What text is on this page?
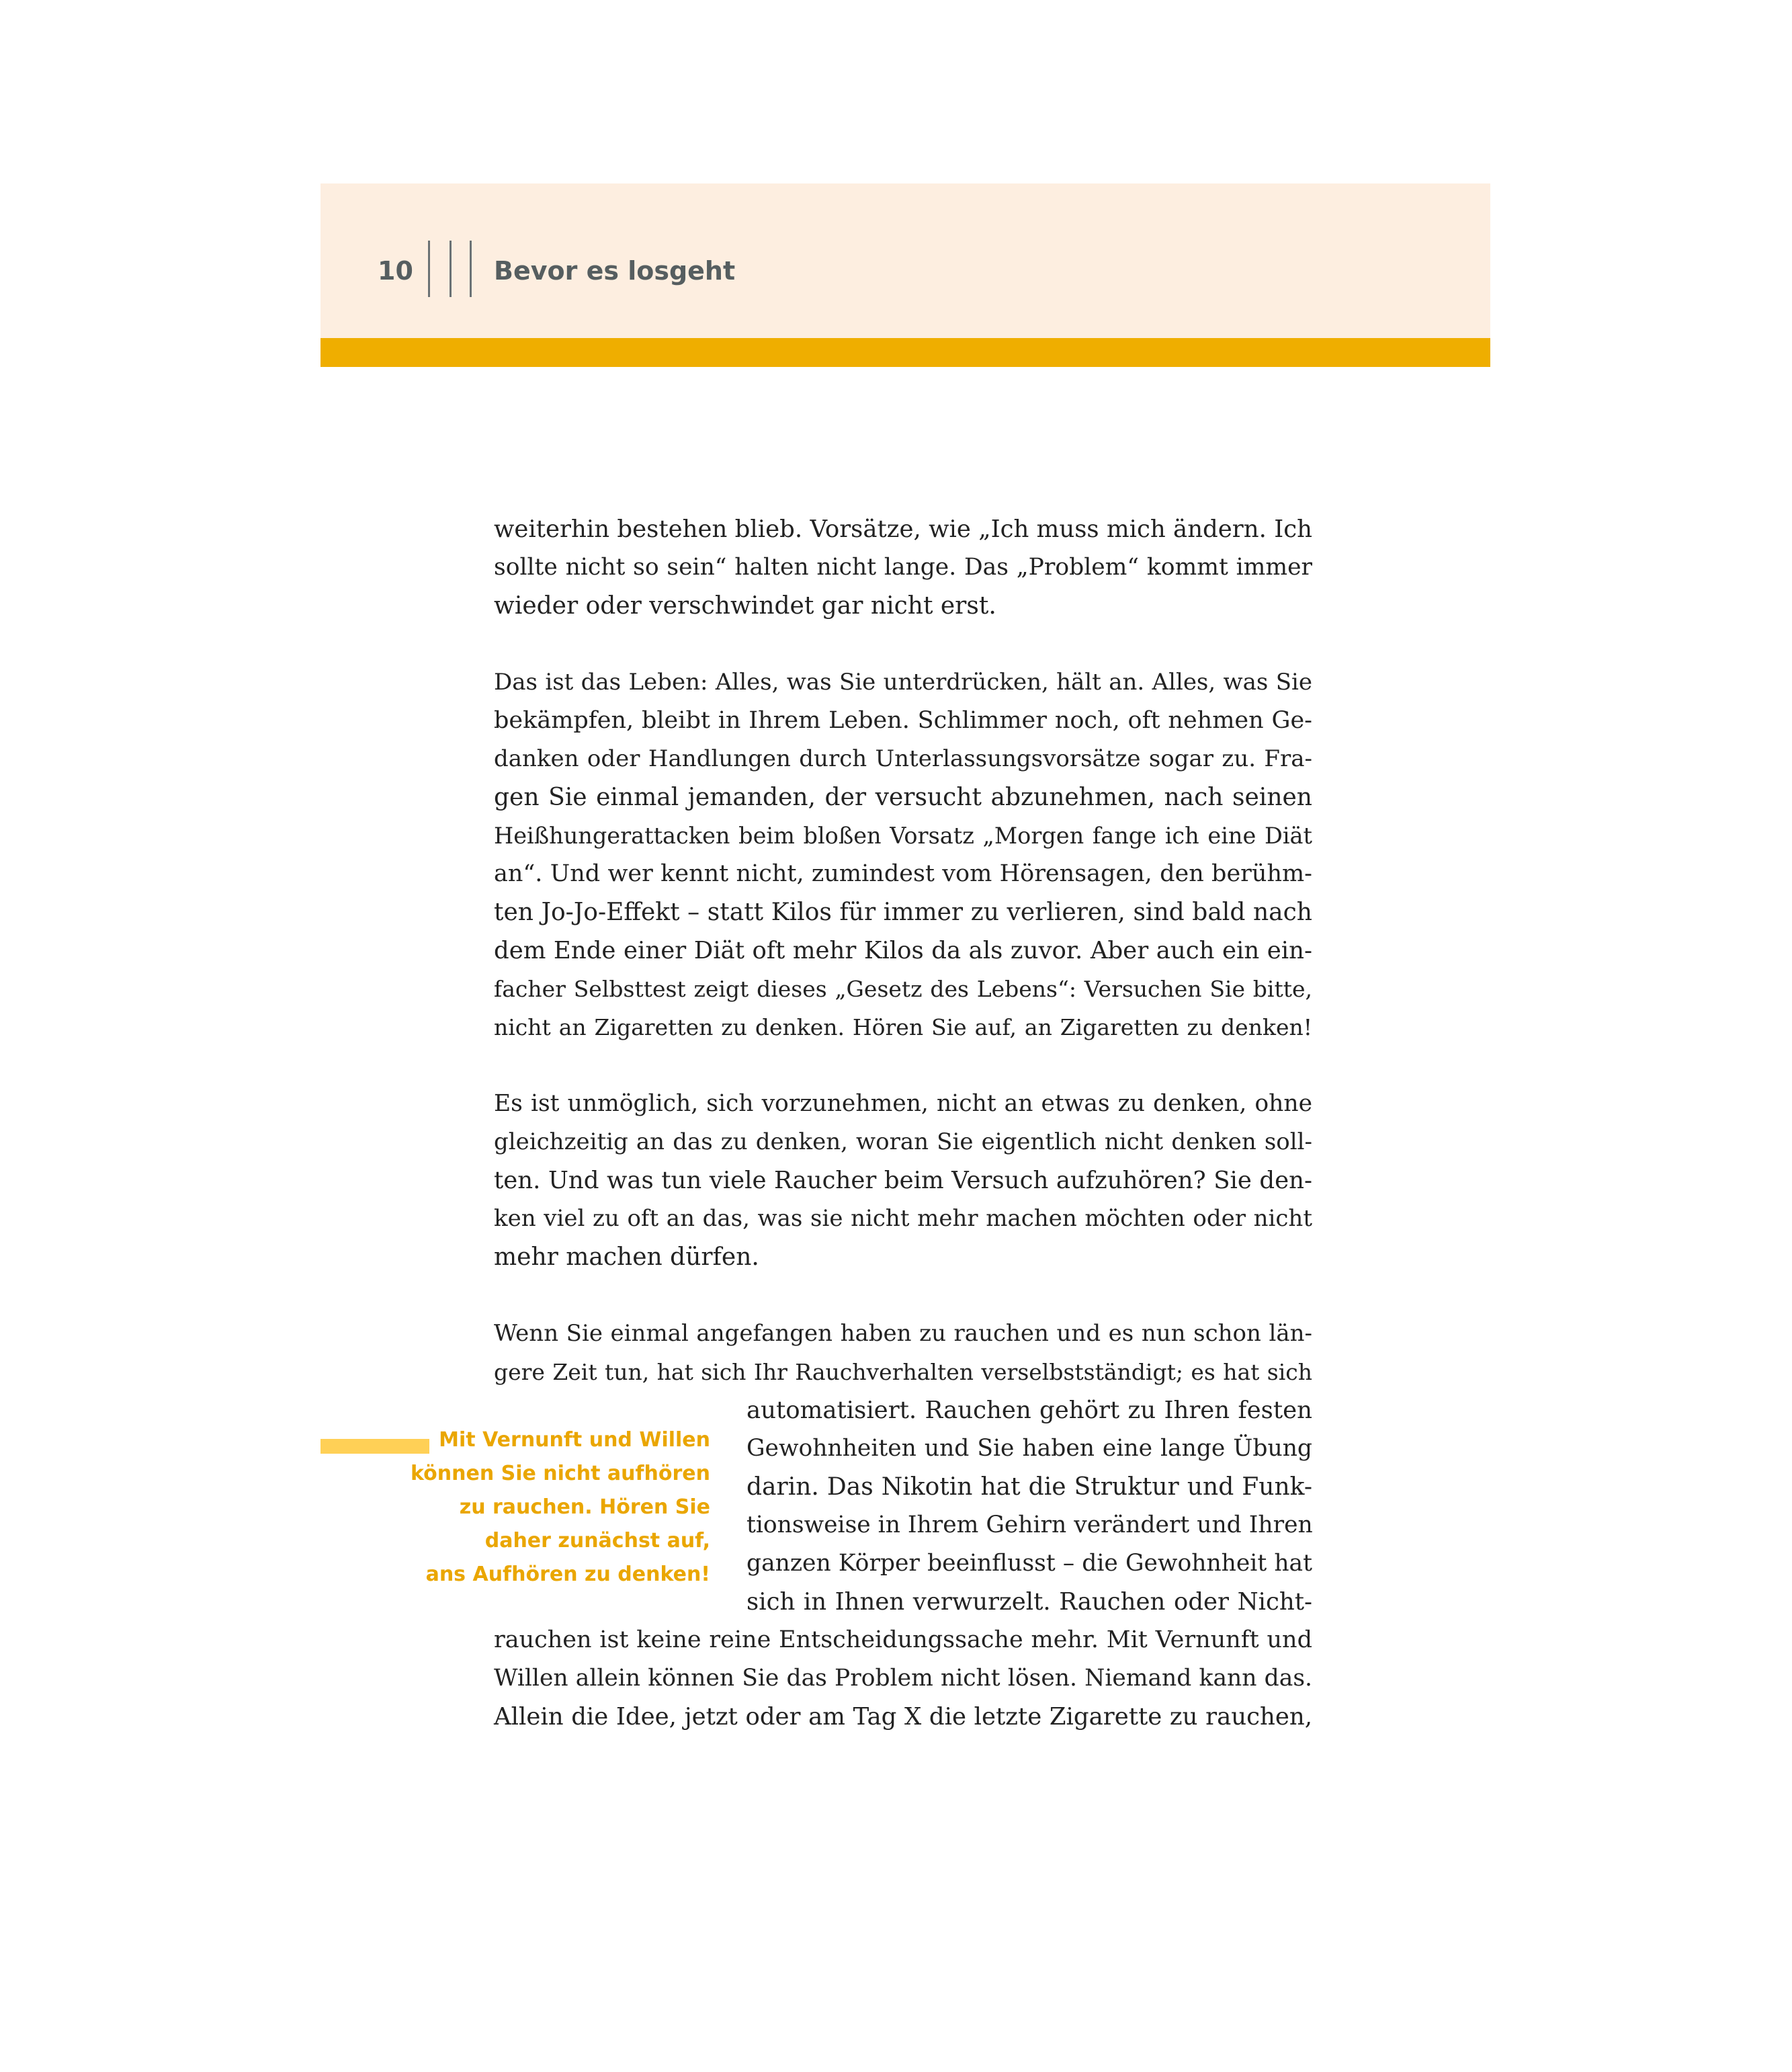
10	Bevor es losgeht
weiterhin bestehen blieb. Vorsätze, wie „Ich muss mich ändern. Ich
sollte nicht so sein“ halten nicht lange. Das „Problem“ kommt immer
wieder oder verschwindet gar nicht erst.
Das ist das Leben: Alles, was Sie unterdrücken, hält an. Alles, was Sie
bekämpfen, bleibt in Ihrem Leben. Schlimmer noch, oft nehmen Ge-
danken oder Handlungen durch Unterlassungsvorsätze sogar zu. Fra-
gen Sie einmal jemanden, der versucht abzunehmen, nach seinen
Heißhungerattacken beim bloßen Vorsatz „Morgen fange ich eine Diät
an“. Und wer kennt nicht, zumindest vom Hörensagen, den berühm-
ten Jo-Jo-Effekt – statt Kilos für immer zu verlieren, sind bald nach
dem Ende einer Diät oft mehr Kilos da als zuvor. Aber auch ein ein-
facher Selbsttest zeigt dieses „Gesetz des Lebens“: Versuchen Sie bitte,
nicht an Zigaretten zu denken. Hören Sie auf, an Zigaretten zu denken!
Es ist unmöglich, sich vorzunehmen, nicht an etwas zu denken, ohne
gleichzeitig an das zu denken, woran Sie eigentlich nicht denken soll-
ten. Und was tun viele Raucher beim Versuch aufzuhören? Sie den-
ken viel zu oft an das, was sie nicht mehr machen möchten oder nicht
mehr machen dürfen.
Wenn Sie einmal angefangen haben zu rauchen und es nun schon län-
gere Zeit tun, hat sich Ihr Rauchverhalten verselbstständigt; es hat sich
automatisiert. Rauchen gehört zu Ihren festen
Gewohnheiten und Sie haben eine lange Übung
darin. Das Nikotin hat die Struktur und Funk-
tionsweise in Ihrem Gehirn verändert und Ihren
ganzen Körper beeinflusst – die Gewohnheit hat
sich in Ihnen verwurzelt. Rauchen oder Nicht-
rauchen ist keine reine Entscheidungssache mehr. Mit Vernunft und
Willen allein können Sie das Problem nicht lösen. Niemand kann das.
Allein die Idee, jetzt oder am Tag X die letzte Zigarette zu rauchen,
Mit Vernunft und Willen
können Sie nicht aufhören
zu rauchen. Hören Sie
daher zunächst auf,
ans Aufhören zu denken!
